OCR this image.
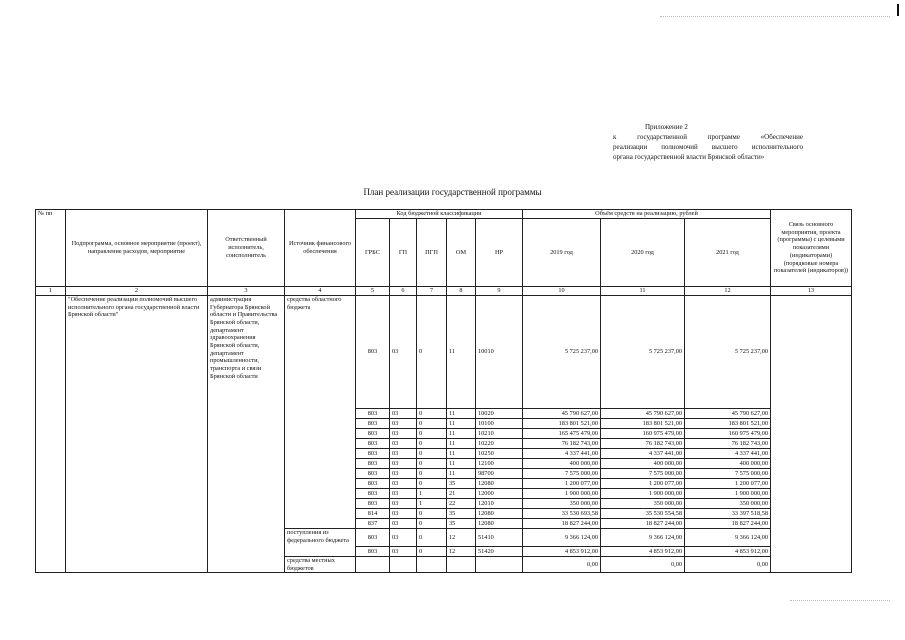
Приложение 2
к государственной программе «Обеспечение
реализации полномочий высшего исполнительного
органа государственной власти Брянской области»
План реализации государственной программы
№ пп	Подпрограмма, основное мероприятие (проект), направление расходов, мероприятие	Ответственный исполнитель, соисполнитель	Источник финансового обеспечения	Код бюджетной классификации					Объём средств на реализацию, рублей			Связь основного мероприятия, проекта (программы) с целевыми показателями (индикаторами) (порядковые номера показателей (индикаторов))
				ГРБС	ГП	ПГП	ОМ	НР	2019 год	2020 год	2021 год	
1	2	3	4	5	6	7	8	9	10	11	12	13
	"Обеспечение реализации полномочий высшего исполнительного органа государственной власти Брянской области"	администрация Губернатора Брянской области и Правительства Брянской области, департамент здравоохранения Брянской области, департамент промышленности, транспорта и связи Брянской области	средства областного бюджета	803	03	0	11	10010	5 725 237,00	5 725 237,00	5 725 237,00	
				803	03	0	11	10020	45 790 627,00	45 790 627,00	45 790 627,00	
				803	03	0	11	10100	183 801 521,00	183 801 521,00	183 801 521,00	
				803	03	0	11	10210	165 475 479,00	160 975 479,00	160 975 479,00	
				803	03	0	11	10220	76 182 743,00	76 182 743,00	76 182 743,00	
				803	03	0	11	10250	4 337 441,00	4 337 441,00	4 337 441,00	
				803	03	0	11	12100	400 000,00	400 000,00	400 000,00	
				803	03	0	11	98700	7 575 000,00	7 575 000,00	7 575 000,00	
				803	03	0	35	12080	1 200 077,00	1 200 077,00	1 200 077,00	
				803	03	1	21	12000	1 900 000,00	1 900 000,00	1 900 000,00	
				803	03	1	22	12010	350 000,00	350 000,00	350 000,00	
				814	03	0	35	12080	33 530 693,58	35 530 554,58	33 397 518,58	
				837	03	0	35	12080	18 827 244,00	18 827 244,00	18 827 244,00	
			поступления из федерального бюджета	803	03	0	12	51410	9 366 124,00	9 366 124,00	9 366 124,00	
				803	03	0	12	51420	4 853 912,00	4 853 912,00	4 853 912,00	
			средства местных бюджетов						0,00	0,00	0,00	
